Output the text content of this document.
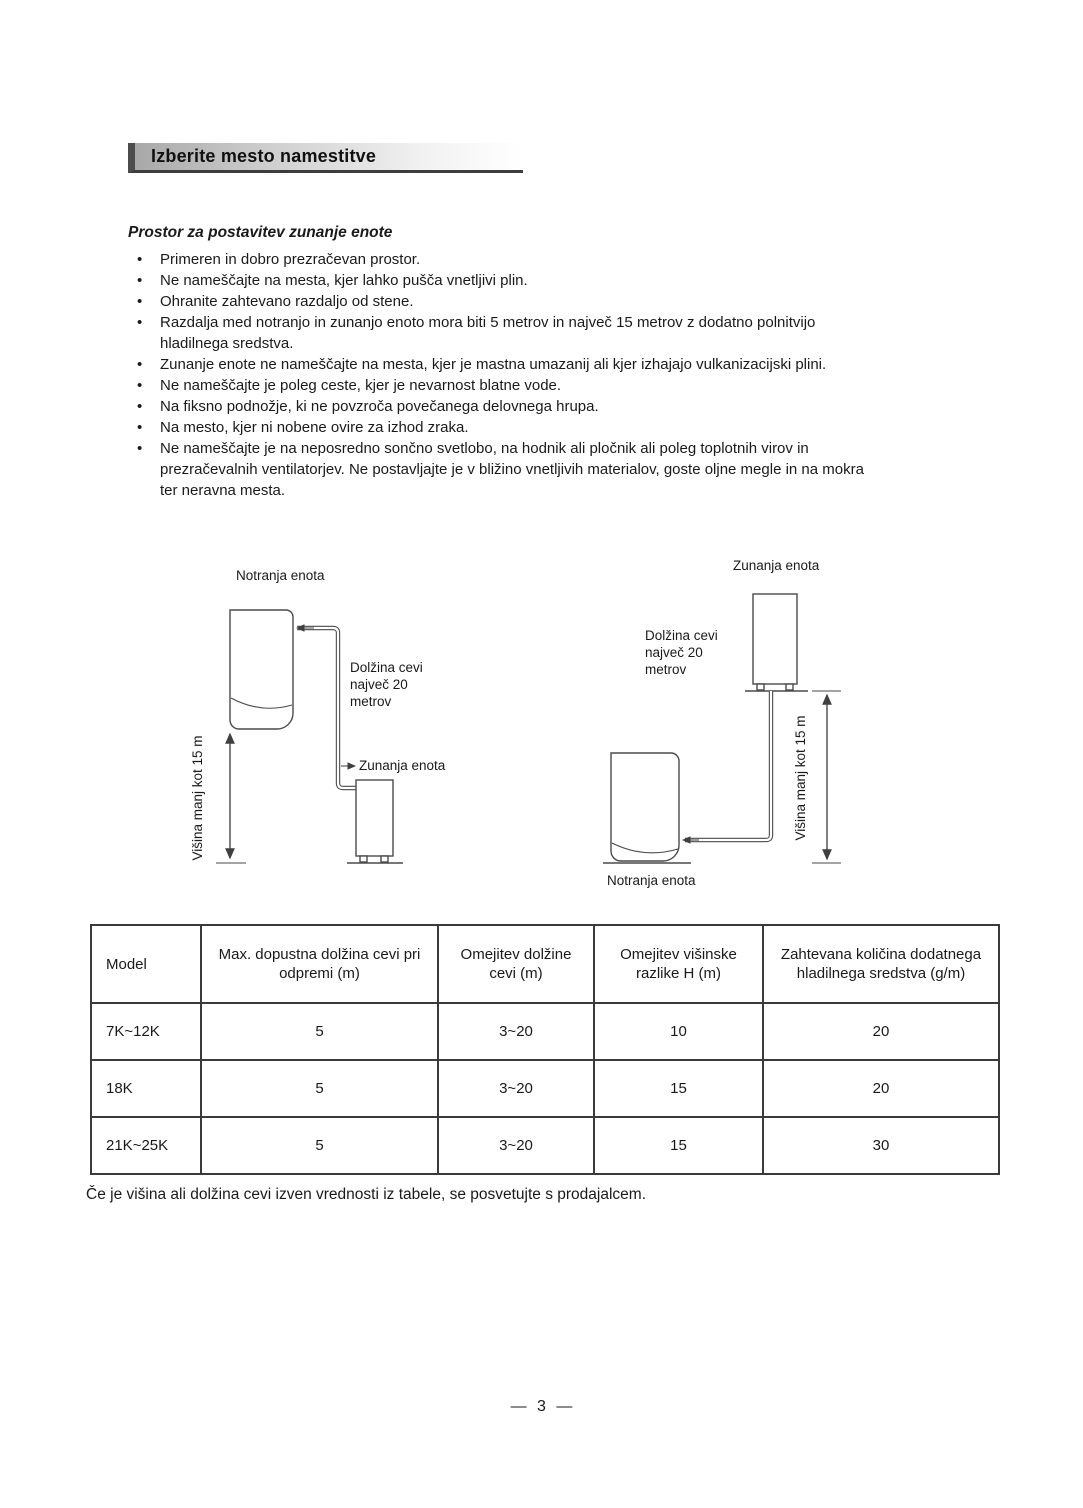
Izberite mesto namestitve
Prostor za postavitev zunanje enote
•	Primeren in dobro prezračevan prostor.
•	Ne nameščajte na mesta, kjer lahko pušča vnetljivi plin.
•	Ohranite zahtevano razdaljo od stene.
•	Razdalja med notranjo in zunanjo enoto mora biti 5 metrov in največ 15 metrov z dodatno polnitvijo hladilnega sredstva.
•	Zunanje enote ne nameščajte na mesta, kjer je mastna umazanij ali kjer izhajajo vulkanizacijski plini.
•	Ne nameščajte je poleg ceste, kjer je nevarnost blatne vode.
•	Na fiksno podnožje, ki ne povzroča povečanega delovnega hrupa.
•	Na mesto, kjer ni nobene ovire za izhod zraka.
•	Ne nameščajte je na neposredno sončno svetlobo, na hodnik ali pločnik ali poleg toplotnih virov in prezračevalnih ventilatorjev. Ne postavljajte je v bližino vnetljivih materialov, goste oljne megle in na mokra ter neravna mesta.
Notranja enota
Dolžina cevi
največ 20
metrov
Zunanja enota
Višina manj kot 15 m
Zunanja enota
Dolžina cevi
največ 20
metrov
Višina manj kot 15 m
Notranja enota
Model	Max. dopustna dolžina cevi pri odpremi (m)	Omejitev dolžine cevi (m)	Omejitev višinske razlike H (m)	Zahtevana količina dodatnega hladilnega sredstva (g/m)
7K~12K	5	3~20	10	20
18K	5	3~20	15	20
21K~25K	5	3~20	15	30

Če je višina ali dolžina cevi izven vrednosti iz tabele, se posvetujte s prodajalcem.

— 3 —
